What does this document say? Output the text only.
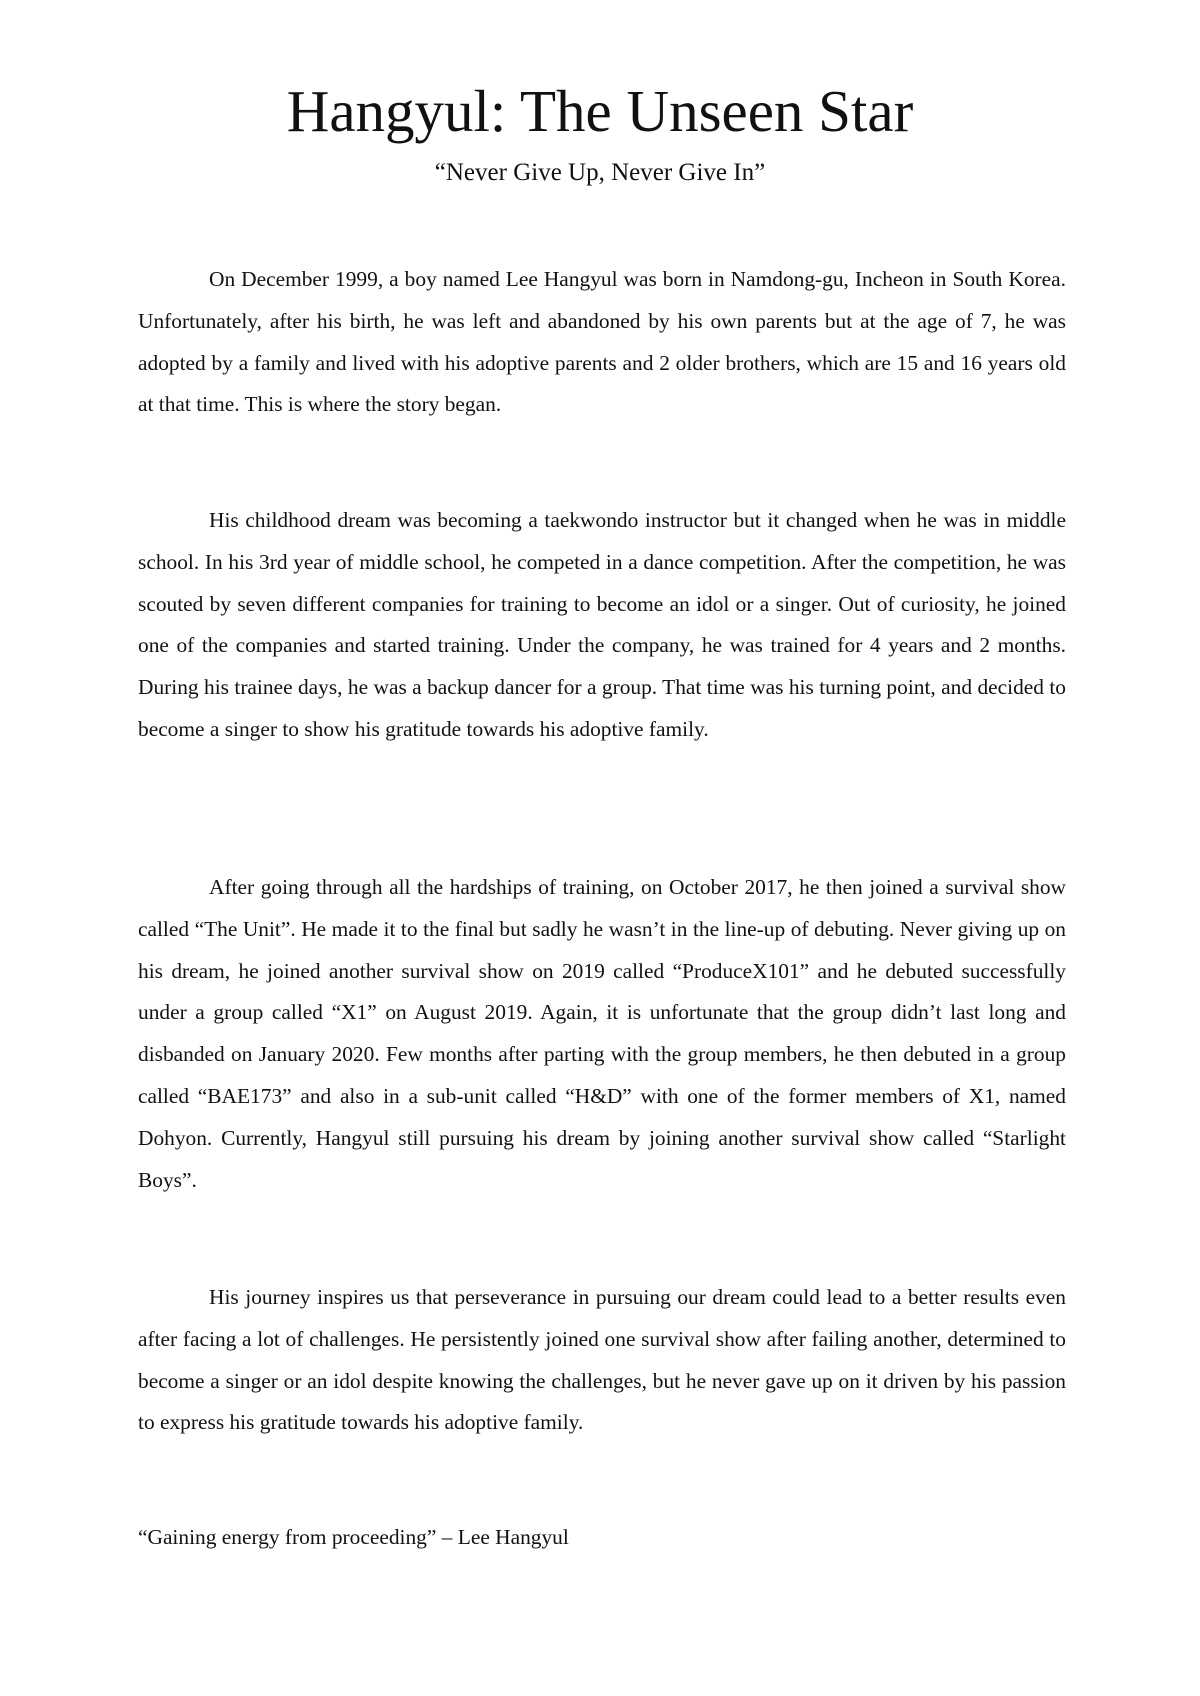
Hangyul: The Unseen Star

“Never Give Up, Never Give In”

On December 1999, a boy named Lee Hangyul was born in Namdong-gu, Incheon in South Korea. Unfortunately, after his birth, he was left and abandoned by his own parents but at the age of 7, he was adopted by a family and lived with his adoptive parents and 2 older brothers, which are 15 and 16 years old at that time. This is where the story began.

His childhood dream was becoming a taekwondo instructor but it changed when he was in middle school. In his 3rd year of middle school, he competed in a dance competition. After the competition, he was scouted by seven different companies for training to become an idol or a singer. Out of curiosity, he joined one of the companies and started training. Under the company, he was trained for 4 years and 2 months. During his trainee days, he was a backup dancer for a group. That time was his turning point, and decided to become a singer to show his gratitude towards his adoptive family.

After going through all the hardships of training, on October 2017, he then joined a survival show called “The Unit”. He made it to the final but sadly he wasn’t in the line-up of debuting. Never giving up on his dream, he joined another survival show on 2019 called “ProduceX101” and he debuted successfully under a group called “X1” on August 2019. Again, it is unfortunate that the group didn’t last long and disbanded on January 2020. Few months after parting with the group members, he then debuted in a group called “BAE173” and also in a sub-unit called “H&D” with one of the former members of X1, named Dohyon. Currently, Hangyul still pursuing his dream by joining another survival show called “Starlight Boys”.

His journey inspires us that perseverance in pursuing our dream could lead to a better results even after facing a lot of challenges. He persistently joined one survival show after failing another, determined to become a singer or an idol despite knowing the challenges, but he never gave up on it driven by his passion to express his gratitude towards his adoptive family.

“Gaining energy from proceeding” – Lee Hangyul
